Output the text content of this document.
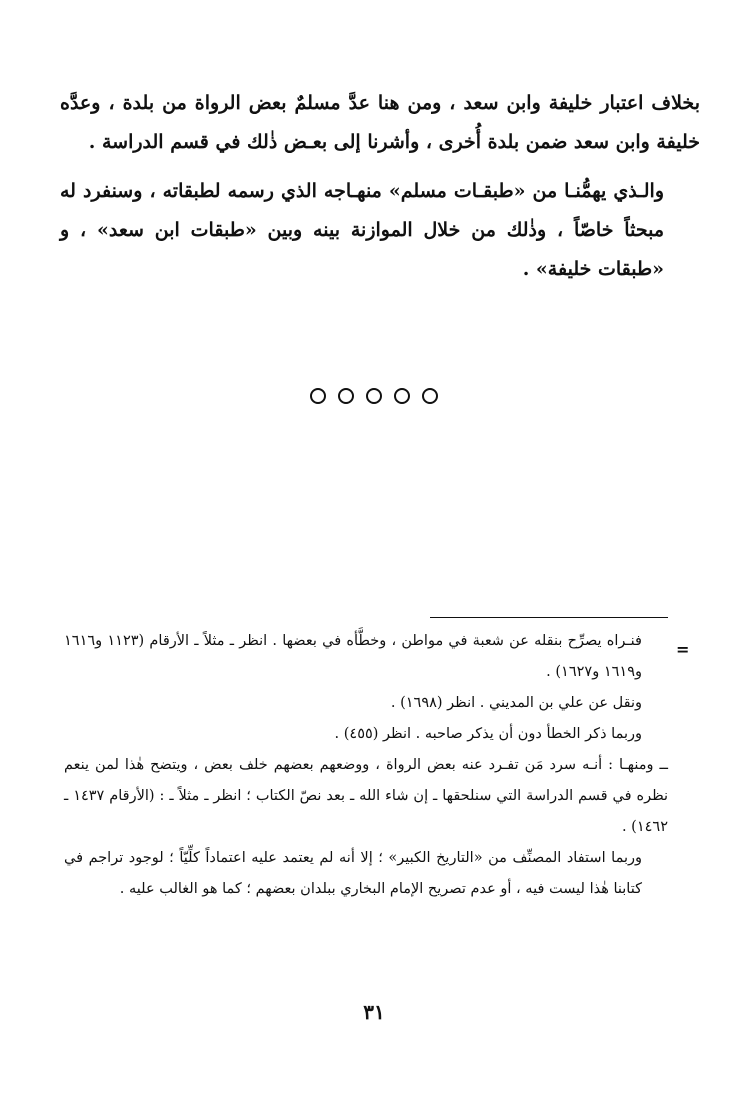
بخلاف اعتبار خليفة وابن سعد ، ومن هنا عدَّ مسلمٌ بعض الرواة من بلدة ، وعدَّه خليفة وابن سعد ضمن بلدة أُخرى ، وأشرنا إلى بعـض ذٰلك في قسم الدراسة .

والـذي يهمُّنـا من «طبقـات مسلم» منهـاجه الذي رسمه لطبقاته ، وسنفرد له مبحثاً خاصّاً ، وذٰلك من خلال الموازنة بينه وبين «طبقات ابن سعد» ، و «طبقات خليفة» .

=

فنـراه يصرِّح بنقله عن شعبة في مواطن ، وخطَّأه في بعضها . انظر ـ مثلاً ـ الأرقام (١١٢٣ و١٦١٦ و١٦١٩ و١٦٢٧) .

ونقل عن علي بن المديني . انظر (١٦٩٨) .

وربما ذكر الخطأ دون أن يذكر صاحبه . انظر (٤٥٥) .

ــ ومنهـا : أنـه سرد مَن تفـرد عنه بعض الرواة ، ووضعهم بعضهم خلف بعض ، ويتضح هٰذا لمن ينعم نظره في قسم الدراسة التي سنلحقها ـ إن شاء الله ـ بعد نصّ الكتاب ؛ انظر ـ مثلاً ـ : (الأرقام ١٤٣٧ ـ ١٤٦٢) .

وربما استفاد المصنِّف من «التاريخ الكبير» ؛ إلا أنه لم يعتمد عليه اعتماداً كلِّيّاً ؛ لوجود تراجم في كتابنا هٰذا ليست فيه ، أو عدم تصريح الإمام البخاري ببلدان بعضهم ؛ كما هو الغالب عليه .

٣١
